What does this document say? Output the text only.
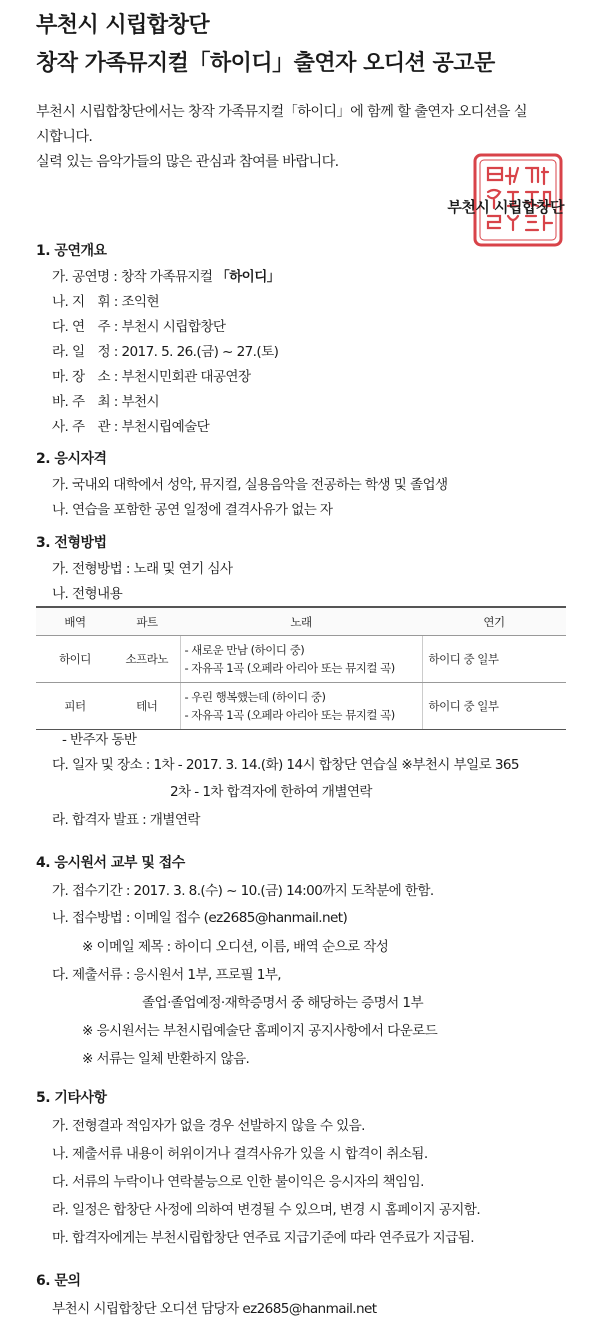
부천시 시립합창단
창작 가족뮤지컬「하이디」출연자 오디션 공고문

부천시 시립합창단에서는 창작 가족뮤지컬「하이디」에 함께 할 출연자 오디션을 실

시합니다.

실력 있는 음악가들의 많은 관심과 참여를 바랍니다.

부천시 시립합창단
1. 공연개요
가. 공연명 : 창작 가족뮤지컬 「하이디」
나. 지　휘 : 조익현
다. 연　주 : 부천시 시립합창단
라. 일　정 : 2017. 5. 26.(금) ~ 27.(토)
마. 장　소 : 부천시민회관 대공연장
바. 주　최 : 부천시
사. 주　관 : 부천시립예술단
2. 응시자격
가. 국내외 대학에서 성악, 뮤지컬, 실용음악을 전공하는 학생 및 졸업생
나. 연습을 포함한 공연 일정에 결격사유가 없는 자
3. 전형방법
가. 전형방법 : 노래 및 연기 심사
나. 전형내용
배역	파트	노래	연기
하이디	소프라노	- 새로운 만남 (하이디 중)
- 자유곡 1곡 (오페라 아리아 또는 뮤지컬 곡)	하이디 중 일부
피터	테너	- 우린 행복했는데 (하이디 중)
- 자유곡 1곡 (오페라 아리아 또는 뮤지컬 곡)	하이디 중 일부
- 반주자 동반
다. 일자 및 장소 : 1차 - 2017. 3. 14.(화) 14시 합창단 연습실 ※부천시 부일로 365
2차 - 1차 합격자에 한하여 개별연락
라. 합격자 발표 : 개별연락
4. 응시원서 교부 및 접수
가. 접수기간 : 2017. 3. 8.(수) ~ 10.(금) 14:00까지 도착분에 한함.
나. 접수방법 : 이메일 접수 (ez2685@hanmail.net)
※ 이메일 제목 : 하이디 오디션, 이름, 배역 순으로 작성
다. 제출서류 : 응시원서 1부, 프로필 1부,
졸업·졸업예정·재학증명서 중 해당하는 증명서 1부
※ 응시원서는 부천시립예술단 홈페이지 공지사항에서 다운로드
※ 서류는 일체 반환하지 않음.
5. 기타사항
가. 전형결과 적임자가 없을 경우 선발하지 않을 수 있음.
나. 제출서류 내용이 허위이거나 결격사유가 있을 시 합격이 취소됨.
다. 서류의 누락이나 연락불능으로 인한 불이익은 응시자의 책임임.
라. 일정은 합창단 사정에 의하여 변경될 수 있으며, 변경 시 홈페이지 공지함.
마. 합격자에게는 부천시립합창단 연주료 지급기준에 따라 연주료가 지급됨.
6. 문의
부천시 시립합창단 오디션 담당자 ez2685@hanmail.net
